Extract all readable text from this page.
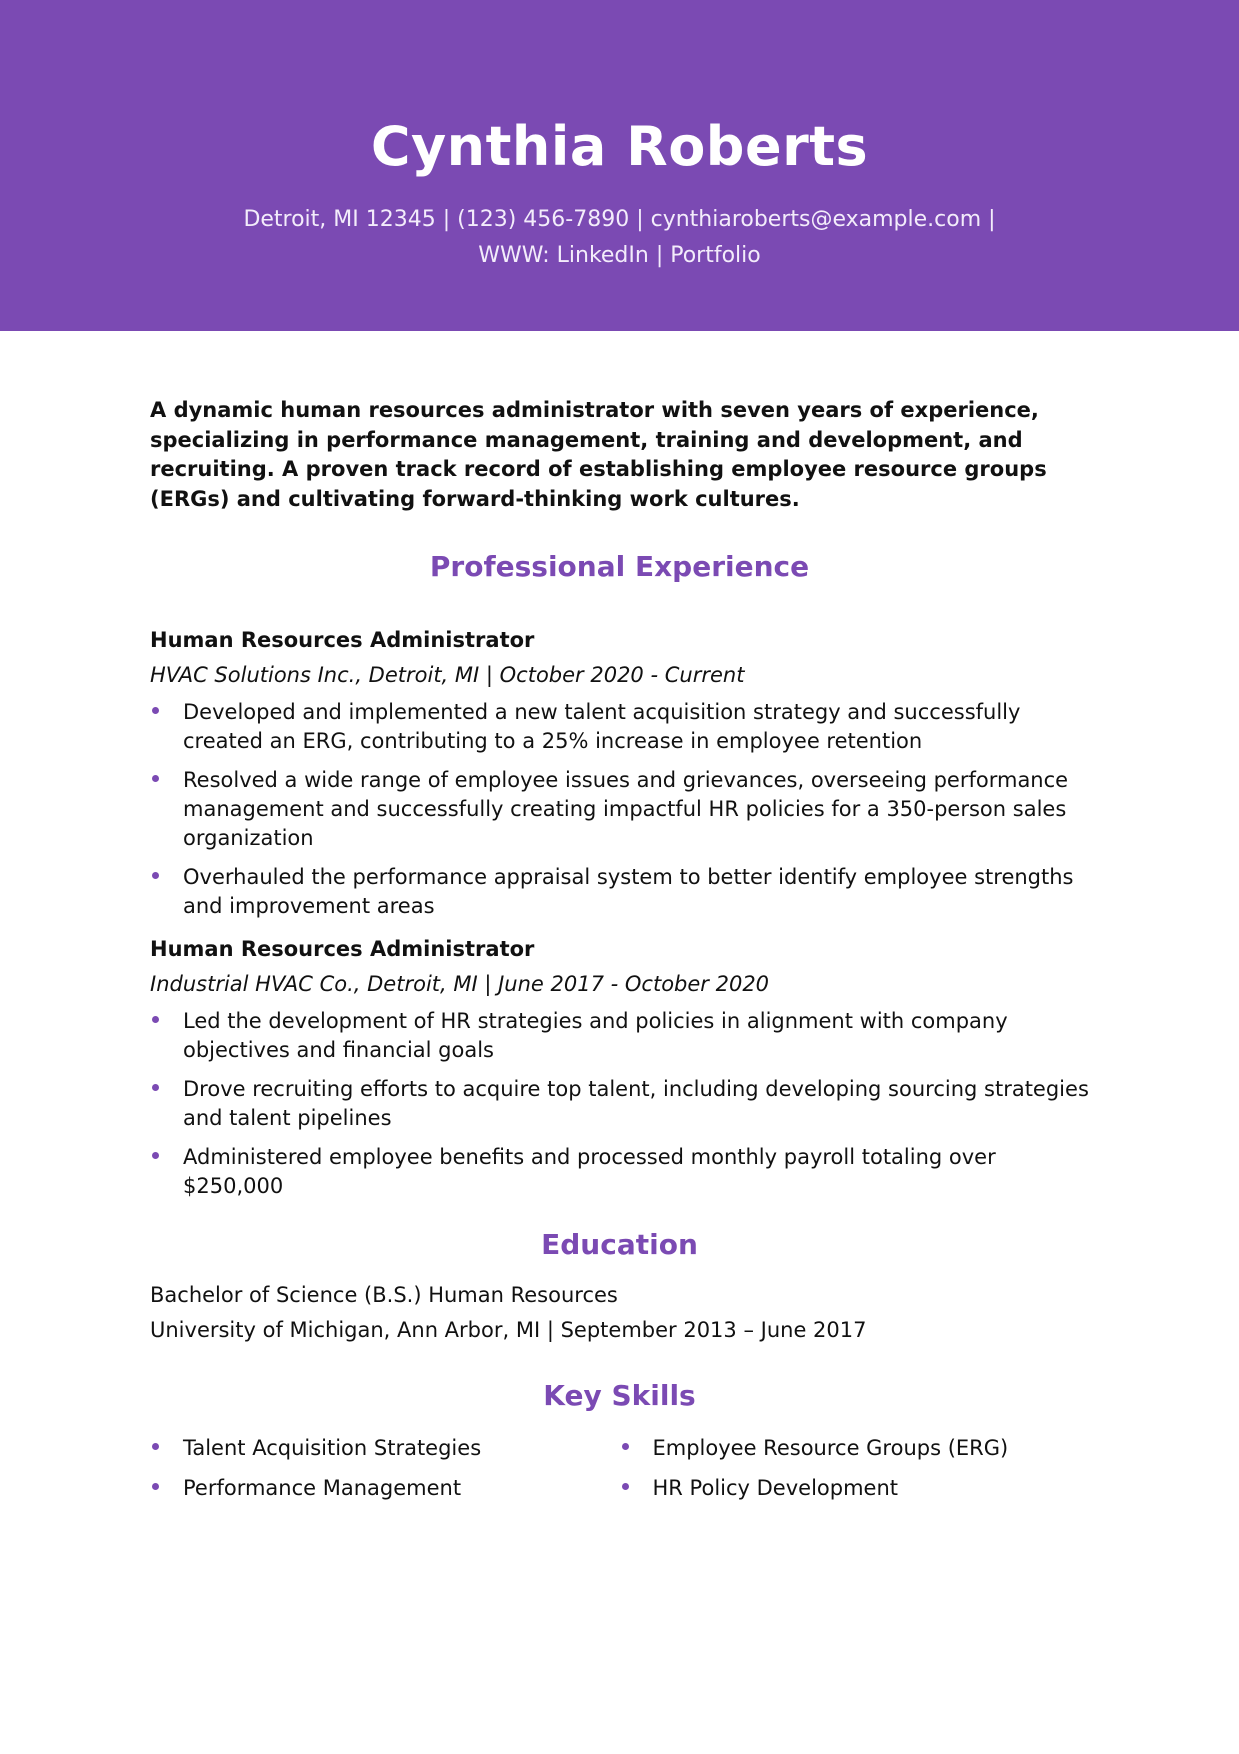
Cynthia Roberts
Detroit, MI 12345 | (123) 456-7890 | cynthiaroberts@example.com |
WWW: LinkedIn | Portfolio

A dynamic human resources administrator with seven years of experience, specializing in performance management, training and development, and recruiting. A proven track record of establishing employee resource groups (ERGs) and cultivating forward-thinking work cultures.

Professional Experience
Human Resources Administrator
HVAC Solutions Inc., Detroit, MI | October 2020 - Current
Developed and implemented a new talent acquisition strategy and successfully created an ERG, contributing to a 25% increase in employee retention
Resolved a wide range of employee issues and grievances, overseeing performance management and successfully creating impactful HR policies for a 350-person sales organization
Overhauled the performance appraisal system to better identify employee strengths and improvement areas
Human Resources Administrator
Industrial HVAC Co., Detroit, MI | June 2017 - October 2020
Led the development of HR strategies and policies in alignment with company objectives and financial goals
Drove recruiting efforts to acquire top talent, including developing sourcing strategies and talent pipelines
Administered employee benefits and processed monthly payroll totaling over $250,000
Education
Bachelor of Science (B.S.) Human Resources
University of Michigan, Ann Arbor, MI | September 2013 – June 2017
Key Skills
Talent Acquisition Strategies
Performance Management
Employee Resource Groups (ERG)
HR Policy Development
